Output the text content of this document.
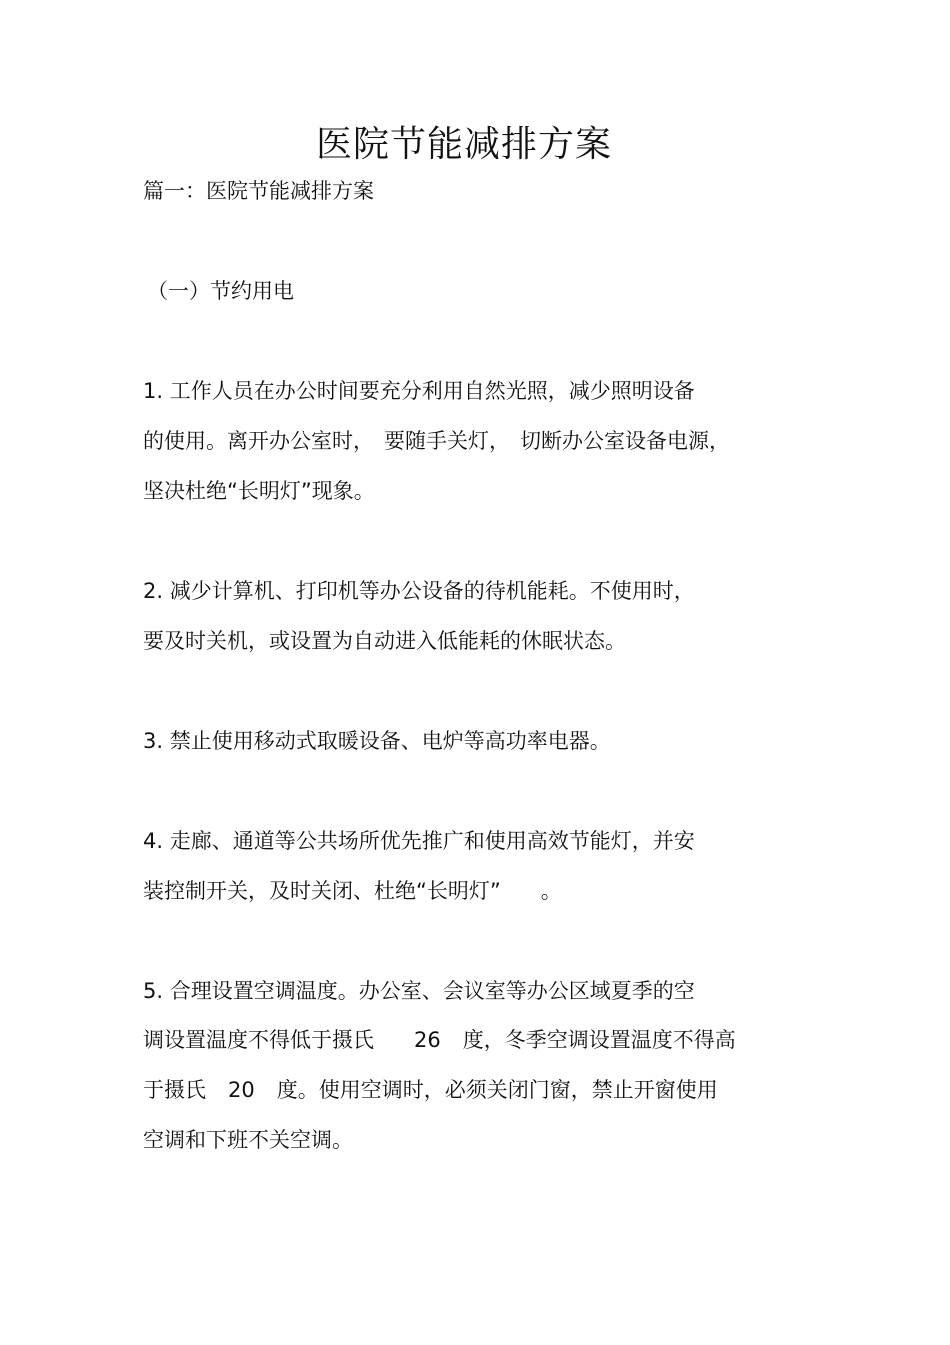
医院节能减排方案
篇一：医院节能减排方案
（一）节约用电
1. 工作人员在办公时间要充分利用自然光照，减少照明设备
的使用。离开办公室时， 要随手关灯， 切断办公室设备电源，
坚决杜绝“长明灯”现象。
2. 减少计算机、打印机等办公设备的待机能耗。不使用时，
要及时关机，或设置为自动进入低能耗的休眠状态。
3. 禁止使用移动式取暖设备、电炉等高功率电器。
4. 走廊、通道等公共场所优先推广和使用高效节能灯，并安
装控制开关，及时关闭、杜绝“长明灯” 。
5. 合理设置空调温度。办公室、会议室等办公区域夏季的空
调设置温度不得低于摄氏 26 度，冬季空调设置温度不得高
于摄氏 20 度。使用空调时，必须关闭门窗，禁止开窗使用
空调和下班不关空调。
